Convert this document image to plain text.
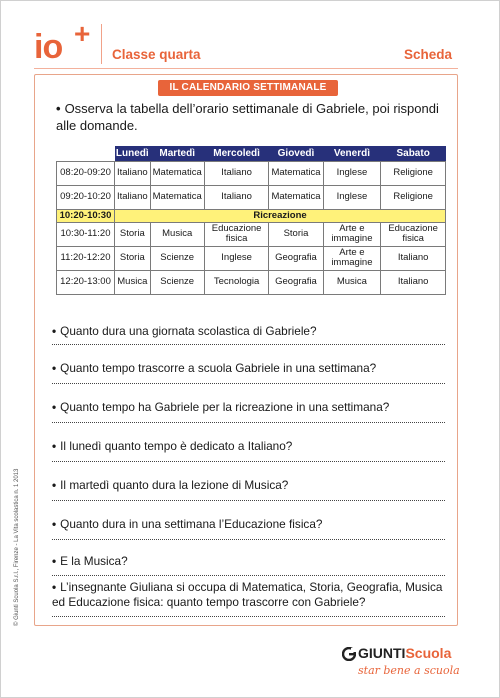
io +
Classe quarta	Scheda
IL CALENDARIO SETTIMANALE
• Osserva la tabella dell’orario settimanale di Gabriele, poi rispondi alle domande.
	Lunedì	Martedì	Mercoledì	Giovedì	Venerdì	Sabato
08:20-09:20	Italiano	Matematica	Italiano	Matematica	Inglese	Religione
09:20-10:20	Italiano	Matematica	Italiano	Matematica	Inglese	Religione
10:20-10:30	Ricreazione					
10:30-11:20	Storia	Musica	Educazione fisica	Storia	Arte e immagine	Educazione fisica
11:20-12:20	Storia	Scienze	Inglese	Geografia	Arte e immagine	Italiano
12:20-13:00	Musica	Scienze	Tecnologia	Geografia	Musica	Italiano
• Quanto dura una giornata scolastica di Gabriele?
• Quanto tempo trascorre a scuola Gabriele in una settimana?
• Quanto tempo ha Gabriele per la ricreazione in una settimana?
• Il lunedì quanto tempo è dedicato a Italiano?
• Il martedì quanto dura la lezione di Musica?
• Quanto dura in una settimana l’Educazione fisica?
• E la Musica?
• L’insegnante Giuliana si occupa di Matematica, Storia, Geografia, Musica ed Educazione fisica: quanto tempo trascorre con Gabriele?
© Giunti Scuola S.r.l., Firenze - La Vita scolastica n. 1 2013
GIUNTIScuola
star bene a scuola
